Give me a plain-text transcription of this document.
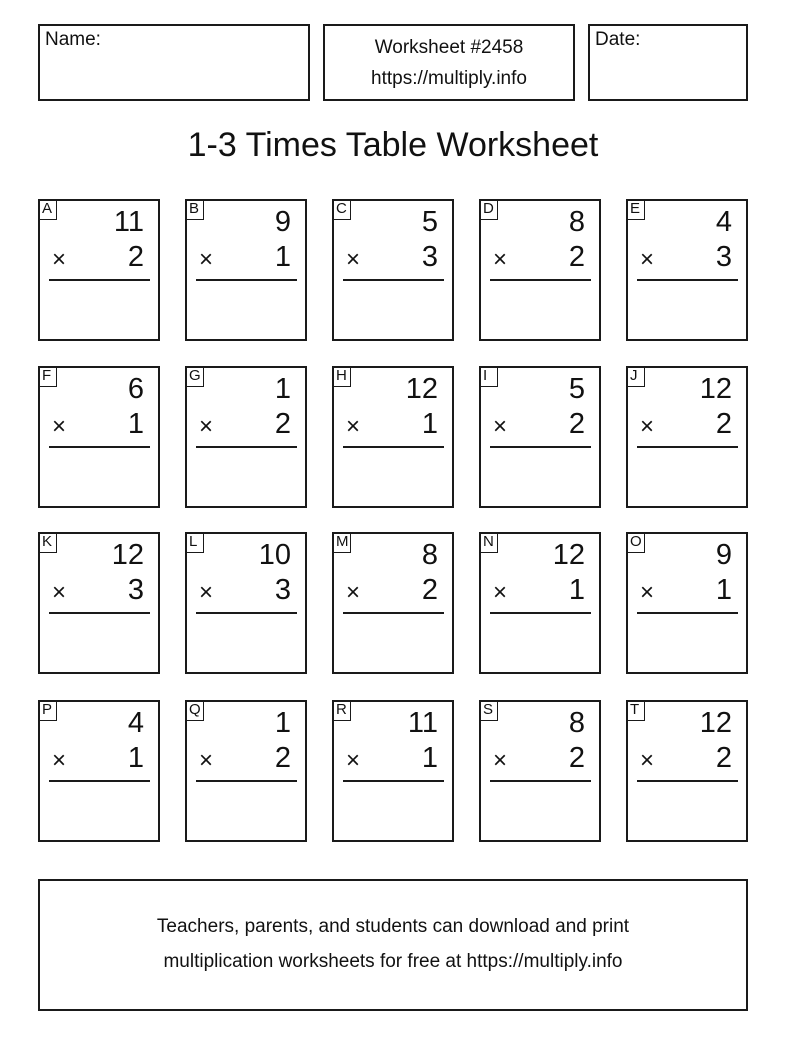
Name:	Worksheet #2458
https://multiply.info
Date:
1-3 Times Table Worksheet
A 11
× 2
B	9
× 1
C	5
× 3
D	8
× 2
E	4
× 3
F	6
× 1
G	1
× 2
H 12
× 1
I	5
× 2
J 12
× 2
K 12
× 3
L 10
× 3
M	8
× 2
N 12
× 1
O	9
× 1
P	4
× 1
Q	1
× 2
R 11
× 1
S	8
× 2
T 12
× 2
Teachers, parents, and students can download and print
multiplication worksheets for free at https://multiply.info
